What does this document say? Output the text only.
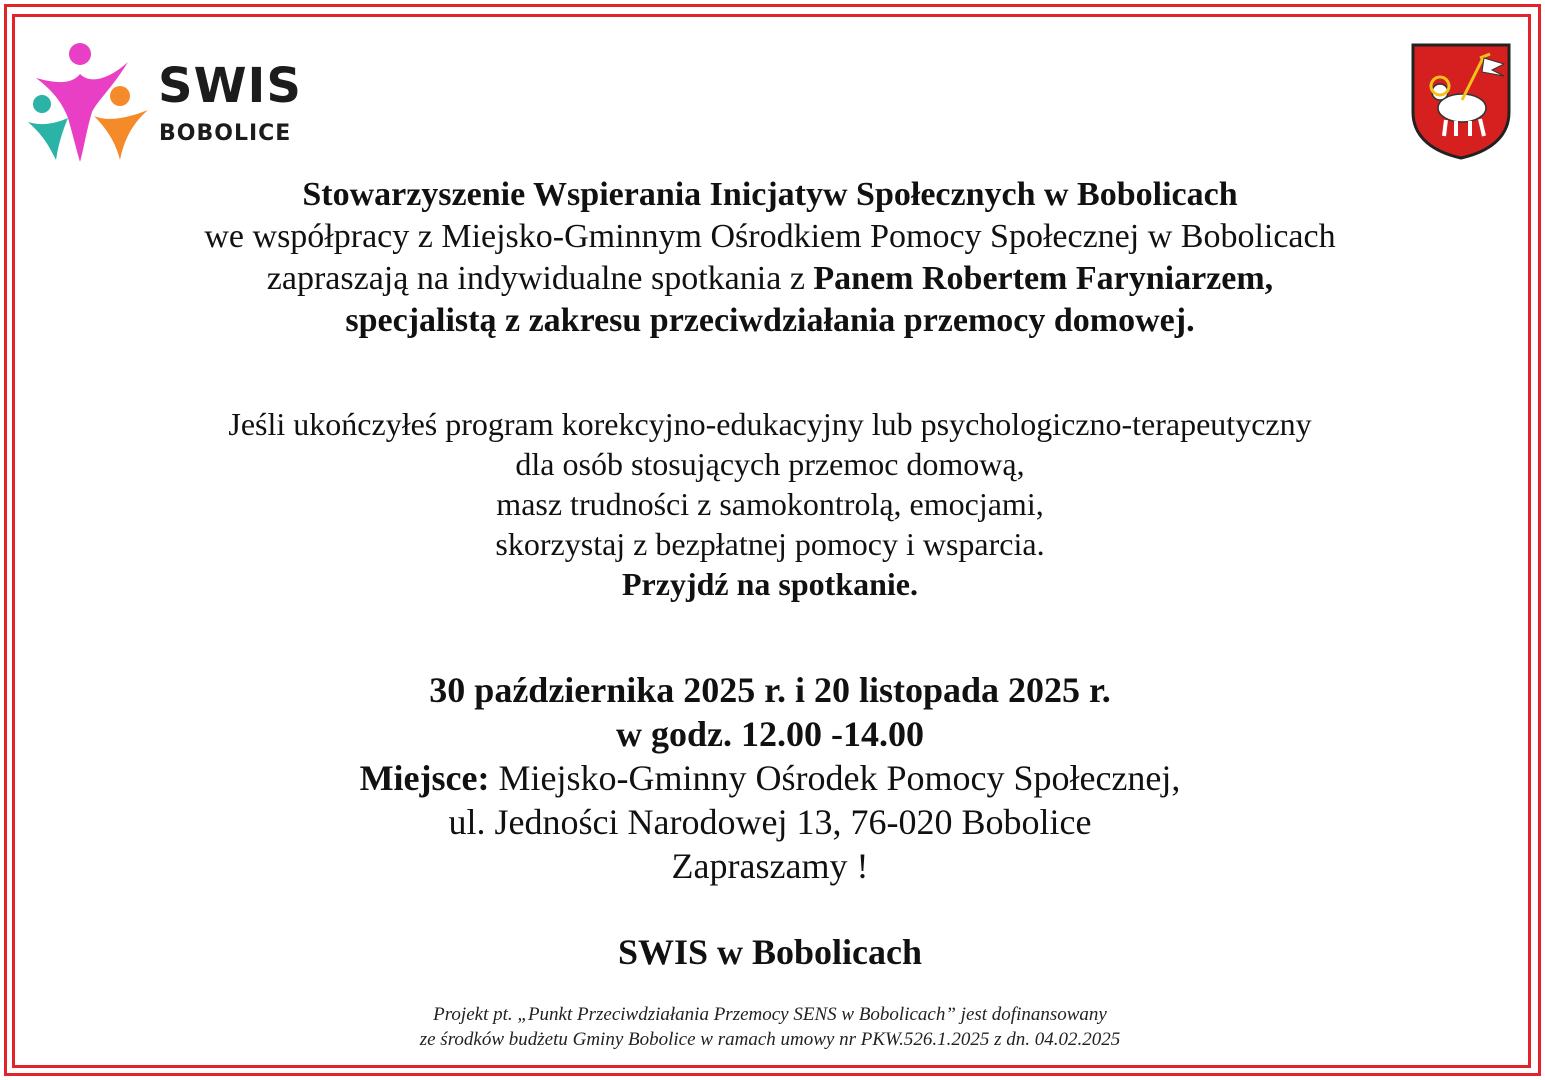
SWIS
BOBOLICE
Stowarzyszenie Wspierania Inicjatyw Społecznych w Bobolicach
we współpracy z Miejsko-Gminnym Ośrodkiem Pomocy Społecznej w Bobolicach
zapraszają na indywidualne spotkania z Panem Robertem Faryniarzem,
specjalistą z zakresu przeciwdziałania przemocy domowej.
Jeśli ukończyłeś program korekcyjno-edukacyjny lub psychologiczno-terapeutyczny
dla osób stosujących przemoc domową,
masz trudności z samokontrolą, emocjami,
skorzystaj z bezpłatnej pomocy i wsparcia.
Przyjdź na spotkanie.
30 października 2025 r. i 20 listopada 2025 r.
w godz. 12.00 -14.00
Miejsce: Miejsko-Gminny Ośrodek Pomocy Społecznej,
ul. Jedności Narodowej 13, 76-020 Bobolice
Zapraszamy !
SWIS w Bobolicach
Projekt pt. „Punkt Przeciwdziałania Przemocy SENS w Bobolicach” jest dofinansowany
ze środków budżetu Gminy Bobolice w ramach umowy nr PKW.526.1.2025 z dn. 04.02.2025
